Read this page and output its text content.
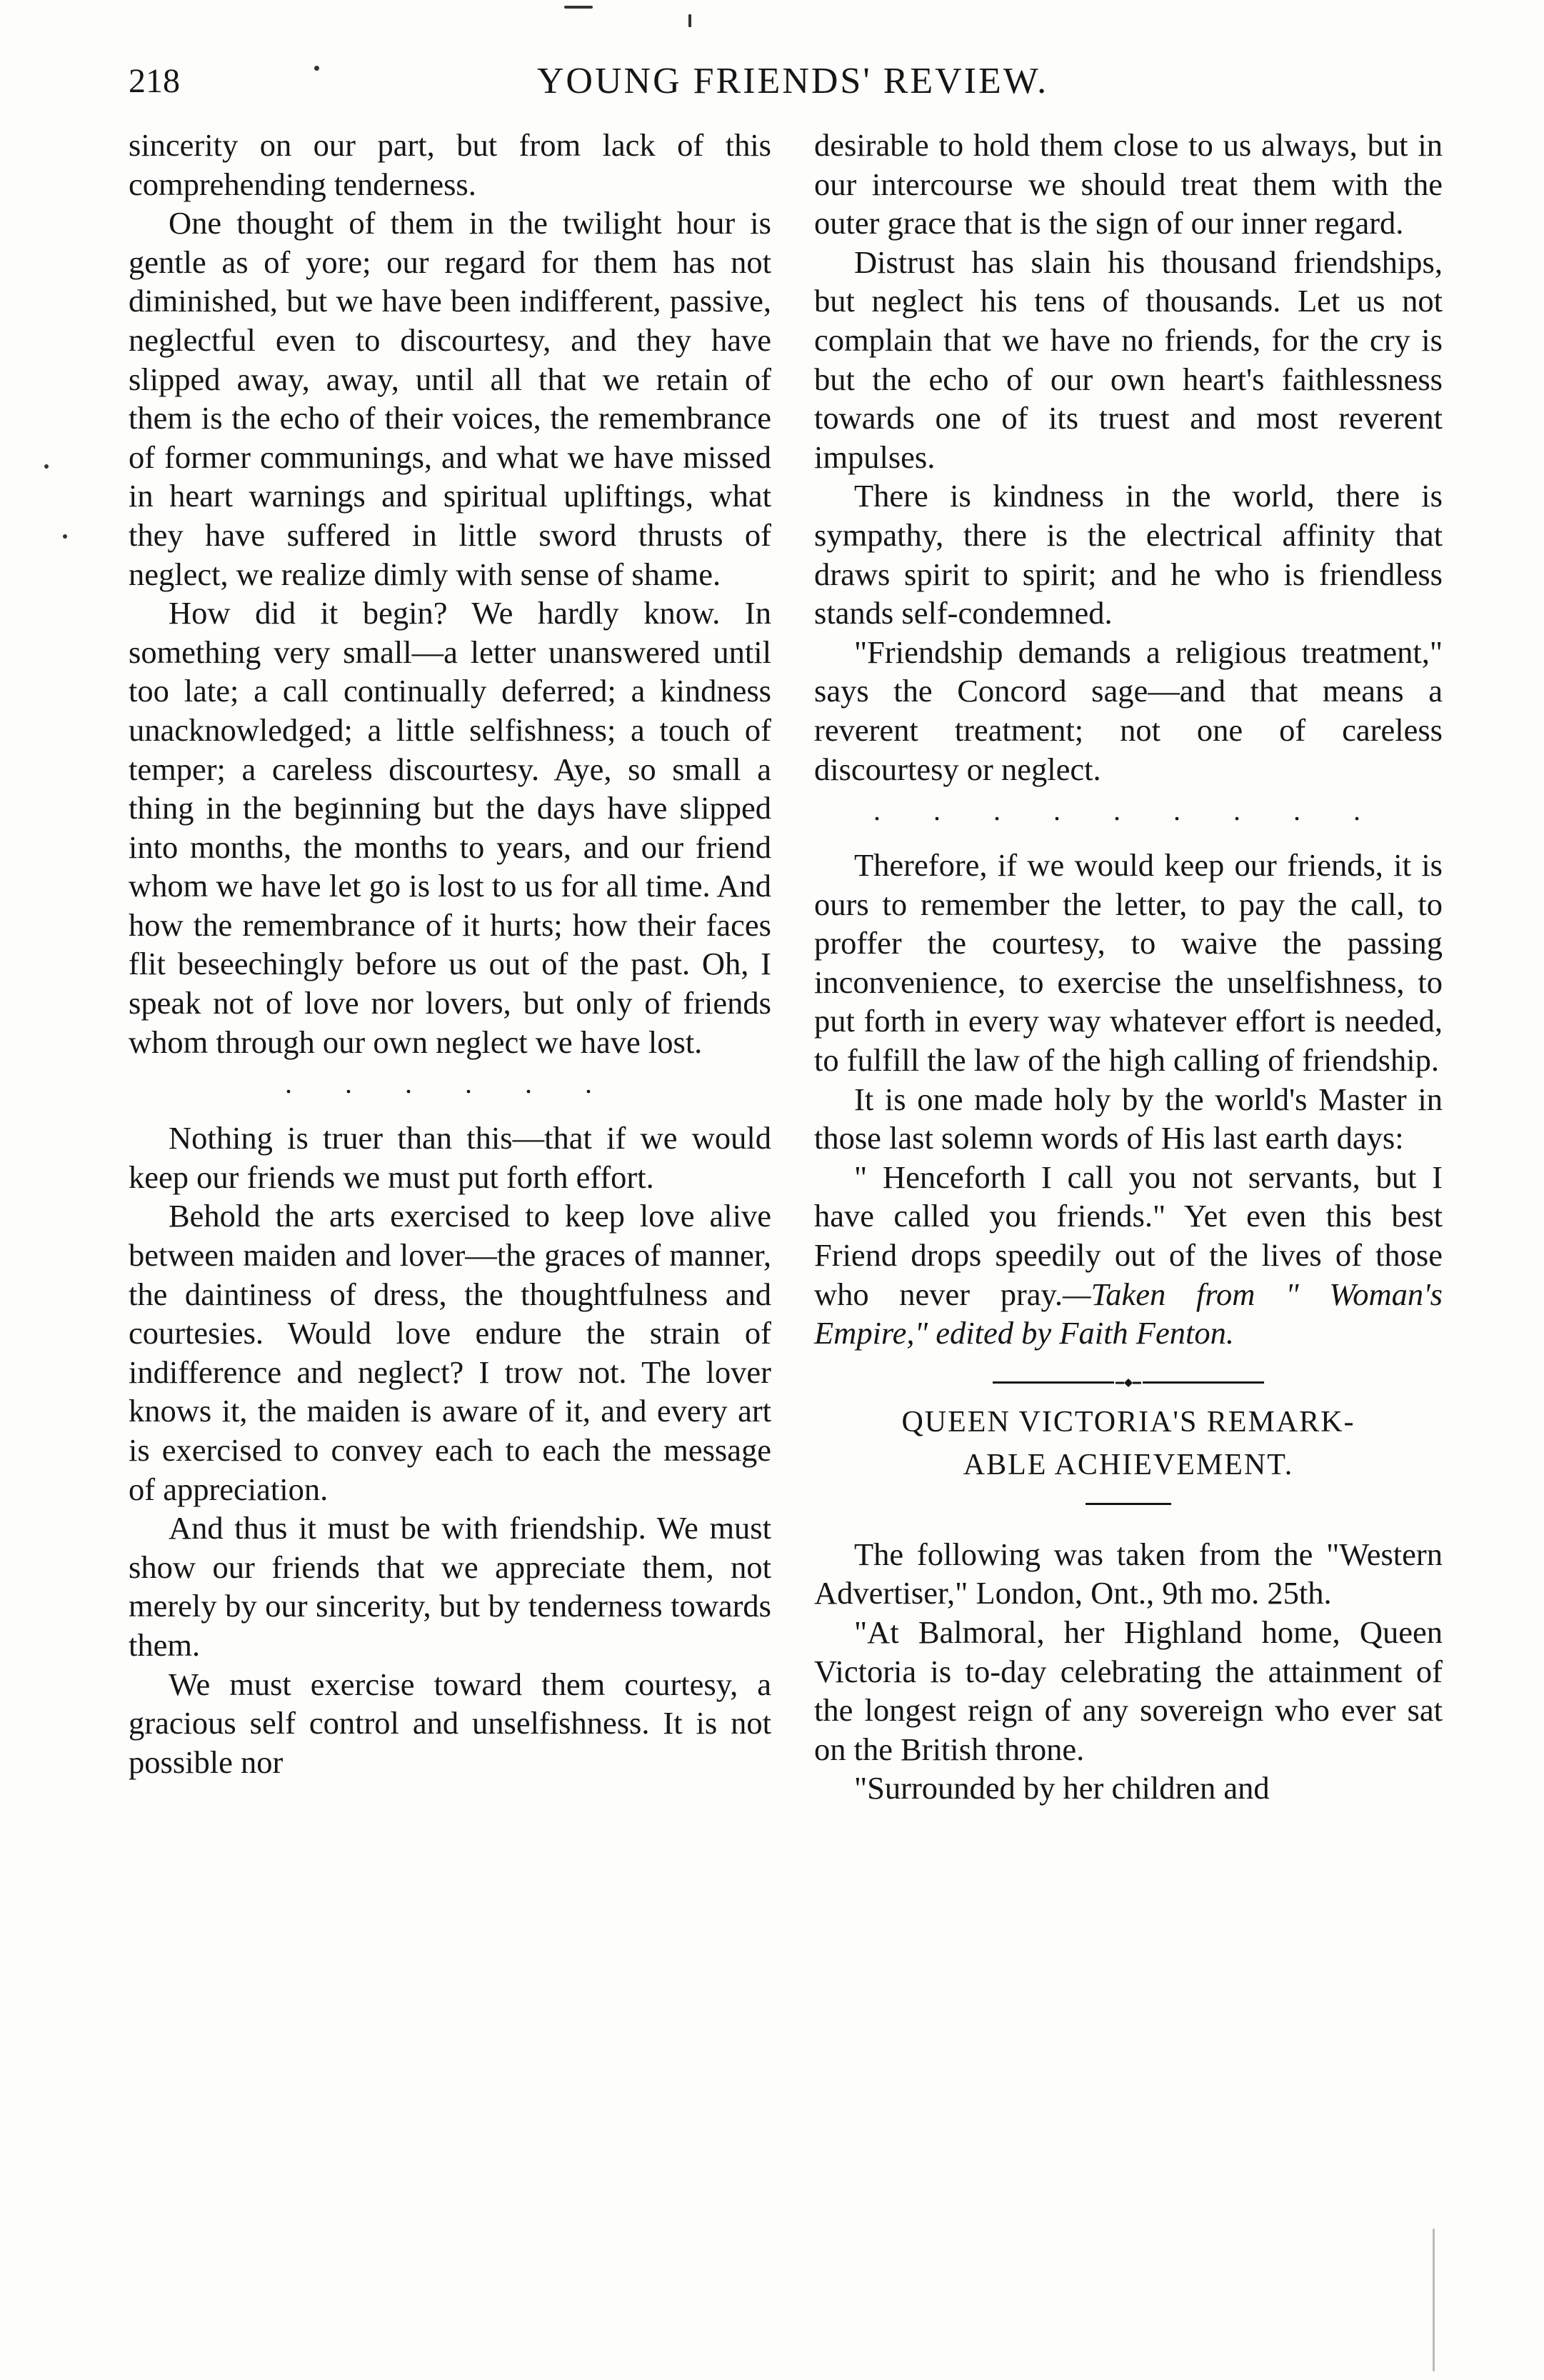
218	YOUNG FRIENDS' REVIEW.

sincerity on our part, but from lack of this comprehending tenderness.

One thought of them in the twilight hour is gentle as of yore; our regard for them has not diminished, but we have been indifferent, passive, neglectful even to discourtesy, and they have slipped away, away, until all that we retain of them is the echo of their voices, the remembrance of former communings, and what we have missed in heart warnings and spiritual upliftings, what they have suffered in little sword thrusts of neglect, we realize dimly with sense of shame.

How did it begin? We hardly know. In something very small—a letter unanswered until too late; a call continually deferred; a kindness unacknowledged; a little selfishness; a touch of temper; a careless discourtesy. Aye, so small a thing in the beginning but the days have slipped into months, the months to years, and our friend whom we have let go is lost to us for all time. And how the remembrance of it hurts; how their faces flit beseechingly before us out of the past. Oh, I speak not of love nor lovers, but only of friends whom through our own neglect we have lost.

. . . . . .

Nothing is truer than this—that if we would keep our friends we must put forth effort.

Behold the arts exercised to keep love alive between maiden and lover—the graces of manner, the daintiness of dress, the thoughtfulness and courtesies. Would love endure the strain of indifference and neglect? I trow not. The lover knows it, the maiden is aware of it, and every art is exercised to convey each to each the message of appreciation.

And thus it must be with friendship. We must show our friends that we appreciate them, not merely by our sincerity, but by tenderness towards them.

We must exercise toward them courtesy, a gracious self control and unselfishness. It is not possible nor

desirable to hold them close to us always, but in our intercourse we should treat them with the outer grace that is the sign of our inner regard.

Distrust has slain his thousand friendships, but neglect his tens of thousands. Let us not complain that we have no friends, for the cry is but the echo of our own heart's faithlessness towards one of its truest and most reverent impulses.

There is kindness in the world, there is sympathy, there is the electrical affinity that draws spirit to spirit; and he who is friendless stands self-condemned.

"Friendship demands a religious treatment," says the Concord sage—and that means a reverent treatment; not one of careless discourtesy or neglect.

. . . . . . . . .

Therefore, if we would keep our friends, it is ours to remember the letter, to pay the call, to proffer the courtesy, to waive the passing inconvenience, to exercise the unselfishness, to put forth in every way whatever effort is needed, to fulfill the law of the high calling of friendship.

It is one made holy by the world's Master in those last solemn words of His last earth days:

" Henceforth I call you not servants, but I have called you friends." Yet even this best Friend drops speedily out of the lives of those who never pray.—Taken from " Woman's Empire," edited by Faith Fenton.

QUEEN VICTORIA'S REMARK-
ABLE ACHIEVEMENT.

The following was taken from the "Western Advertiser," London, Ont., 9th mo. 25th.

"At Balmoral, her Highland home, Queen Victoria is to-day celebrating the attainment of the longest reign of any sovereign who ever sat on the British throne.

"Surrounded by her children and
